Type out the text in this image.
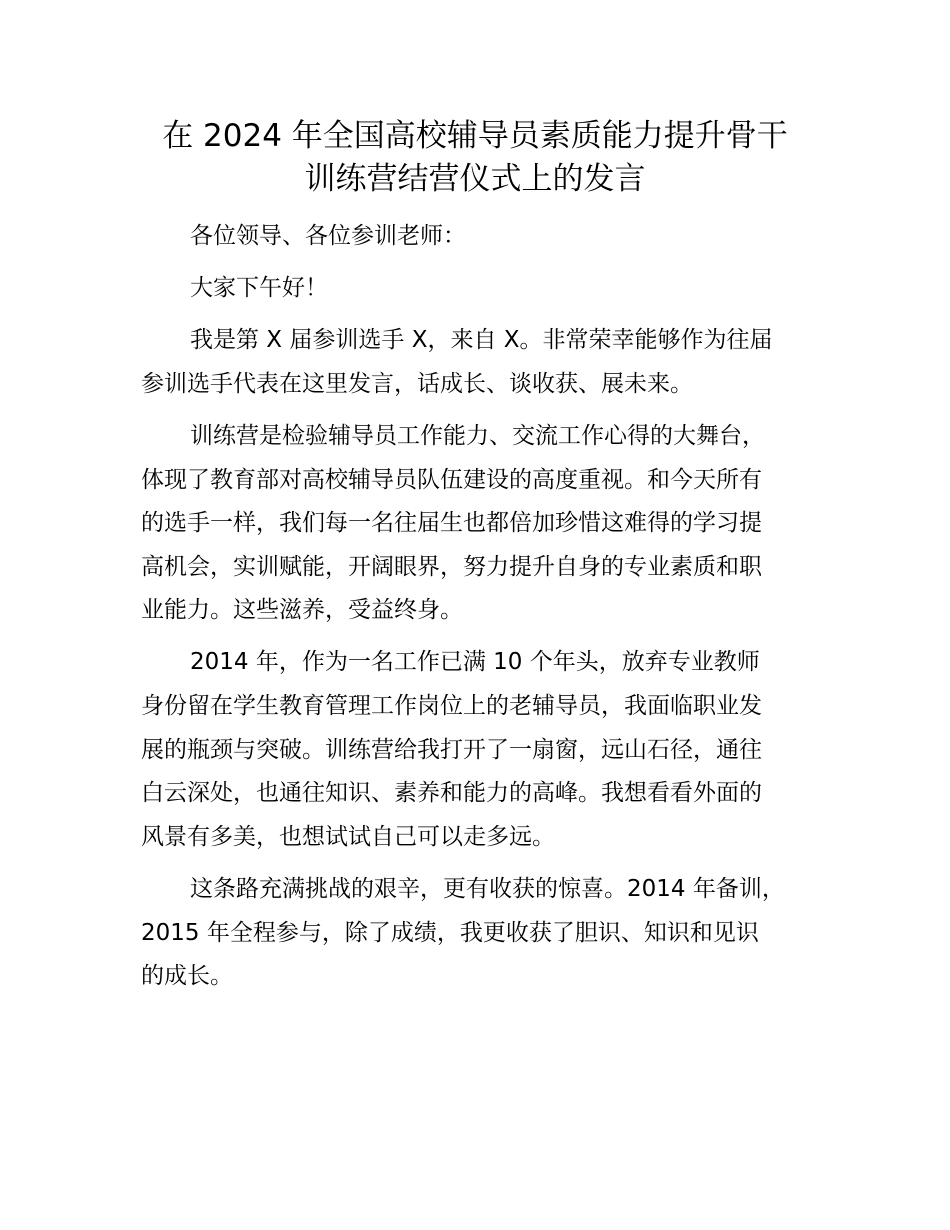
在 2024 年全国高校辅导员素质能力提升骨干
训练营结营仪式上的发言

各位领导、各位参训老师：

大家下午好！

我是第 X 届参训选手 X，来自 X。非常荣幸能够作为往届

参训选手代表在这里发言，话成长、谈收获、展未来。

训练营是检验辅导员工作能力、交流工作心得的大舞台，

体现了教育部对高校辅导员队伍建设的高度重视。和今天所有

的选手一样，我们每一名往届生也都倍加珍惜这难得的学习提

高机会，实训赋能，开阔眼界，努力提升自身的专业素质和职

业能力。这些滋养，受益终身。

2014 年，作为一名工作已满 10 个年头，放弃专业教师

身份留在学生教育管理工作岗位上的老辅导员，我面临职业发

展的瓶颈与突破。训练营给我打开了一扇窗，远山石径，通往

白云深处，也通往知识、素养和能力的高峰。我想看看外面的

风景有多美，也想试试自己可以走多远。

这条路充满挑战的艰辛，更有收获的惊喜。2014 年备训，

2015 年全程参与，除了成绩，我更收获了胆识、知识和见识

的成长。
